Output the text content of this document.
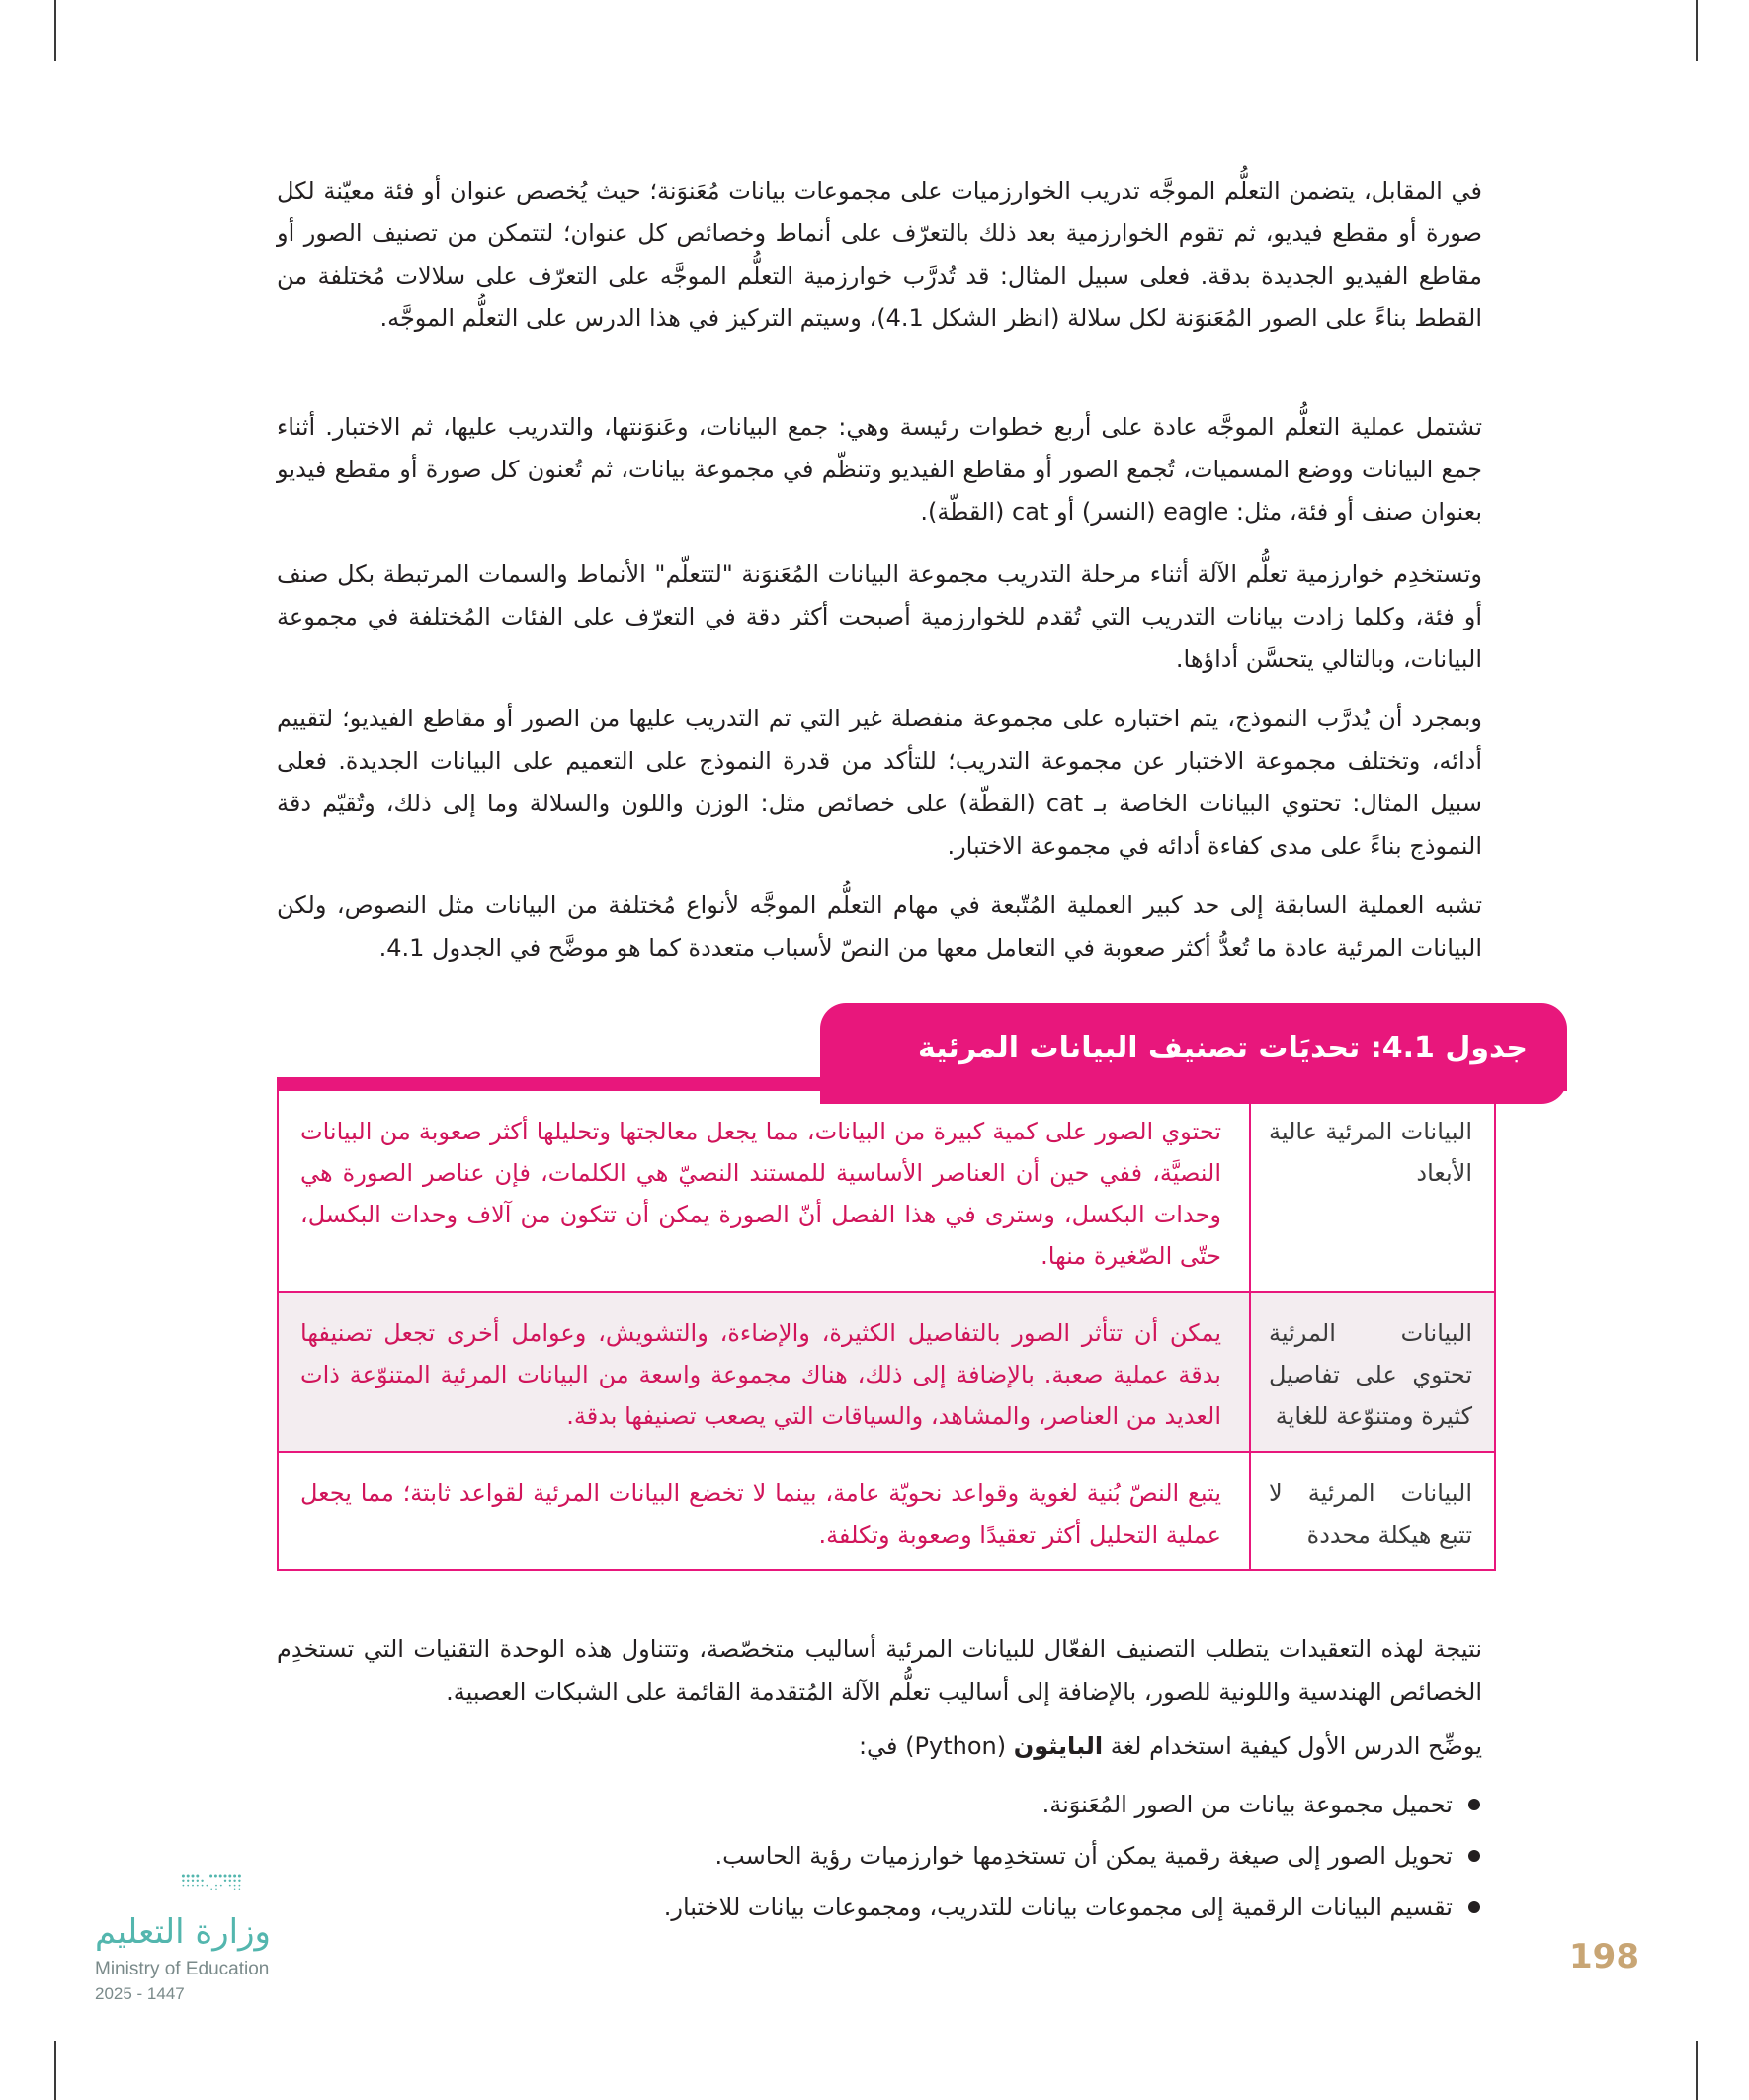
في المقابل، يتضمن التعلُّم الموجَّه تدريب الخوارزميات على مجموعات بيانات مُعَنوَنة؛ حيث يُخصص عنوان أو فئة معيّنة لكل صورة أو مقطع فيديو، ثم تقوم الخوارزمية بعد ذلك بالتعرّف على أنماط وخصائص كل عنوان؛ لتتمكن من تصنيف الصور أو مقاطع الفيديو الجديدة بدقة. فعلى سبيل المثال: قد تُدرَّب خوارزمية التعلُّم الموجَّه على التعرّف على سلالات مُختلفة من القطط بناءً على الصور المُعَنوَنة لكل سلالة (انظر الشكل 4.1)، وسيتم التركيز في هذا الدرس على التعلُّم الموجَّه.

تشتمل عملية التعلُّم الموجَّه عادة على أربع خطوات رئيسة وهي: جمع البيانات، وعَنوَنتها، والتدريب عليها، ثم الاختبار. أثناء جمع البيانات ووضع المسميات، تُجمع الصور أو مقاطع الفيديو وتنظّم في مجموعة بيانات، ثم تُعنون كل صورة أو مقطع فيديو بعنوان صنف أو فئة، مثل: eagle (النسر) أو cat (القطّة).

وتستخدِم خوارزمية تعلُّم الآلة أثناء مرحلة التدريب مجموعة البيانات المُعَنوَنة "لتتعلّم" الأنماط والسمات المرتبطة بكل صنف أو فئة، وكلما زادت بيانات التدريب التي تُقدم للخوارزمية أصبحت أكثر دقة في التعرّف على الفئات المُختلفة في مجموعة البيانات، وبالتالي يتحسَّن أداؤها.

وبمجرد أن يُدرَّب النموذج، يتم اختباره على مجموعة منفصلة غير التي تم التدريب عليها من الصور أو مقاطع الفيديو؛ لتقييم أدائه، وتختلف مجموعة الاختبار عن مجموعة التدريب؛ للتأكد من قدرة النموذج على التعميم على البيانات الجديدة. فعلى سبيل المثال: تحتوي البيانات الخاصة بـ cat (القطّة) على خصائص مثل: الوزن واللون والسلالة وما إلى ذلك، وتُقيّم دقة النموذج بناءً على مدى كفاءة أدائه في مجموعة الاختبار.

تشبه العملية السابقة إلى حد كبير العملية المُتّبعة في مهام التعلُّم الموجَّه لأنواع مُختلفة من البيانات مثل النصوص، ولكن البيانات المرئية عادة ما تُعدُّ أكثر صعوبة في التعامل معها من النصّ لأسباب متعددة كما هو موضَّح في الجدول 4.1.

جدول 4.1: تحديَات تصنيف البيانات المرئية
البيانات المرئية عالية الأبعاد
تحتوي الصور على كمية كبيرة من البيانات، مما يجعل معالجتها وتحليلها أكثر صعوبة من البيانات النصيَّة، ففي حين أن العناصر الأساسية للمستند النصيّ هي الكلمات، فإن عناصر الصورة هي وحدات البكسل، وسترى في هذا الفصل أنّ الصورة يمكن أن تتكون من آلاف وحدات البكسل، حتّى الصّغيرة منها.
البيانات المرئية تحتوي على تفاصيل كثيرة ومتنوّعة للغاية
يمكن أن تتأثر الصور بالتفاصيل الكثيرة، والإضاءة، والتشويش، وعوامل أخرى تجعل تصنيفها بدقة عملية صعبة. بالإضافة إلى ذلك، هناك مجموعة واسعة من البيانات المرئية المتنوّعة ذات العديد من العناصر، والمشاهد، والسياقات التي يصعب تصنيفها بدقة.
البيانات المرئية لا تتبع هيكلة محددة
يتبع النصّ بُنية لغوية وقواعد نحويّة عامة، بينما لا تخضع البيانات المرئية لقواعد ثابتة؛ مما يجعل عملية التحليل أكثر تعقيدًا وصعوبة وتكلفة.

نتيجة لهذه التعقيدات يتطلب التصنيف الفعّال للبيانات المرئية أساليب متخصّصة، وتتناول هذه الوحدة التقنيات التي تستخدِم الخصائص الهندسية واللونية للصور، بالإضافة إلى أساليب تعلُّم الآلة المُتقدمة القائمة على الشبكات العصبية.

يوضِّح الدرس الأول كيفية استخدام لغة البايثون (Python) في:

تحميل مجموعة بيانات من الصور المُعَنوَنة.
تحويل الصور إلى صيغة رقمية يمكن أن تستخدِمها خوارزميات رؤية الحاسب.
تقسيم البيانات الرقمية إلى مجموعات بيانات للتدريب، ومجموعات بيانات للاختبار.
وزارة التعليم
Ministry of Education
2025 - 1447
198
